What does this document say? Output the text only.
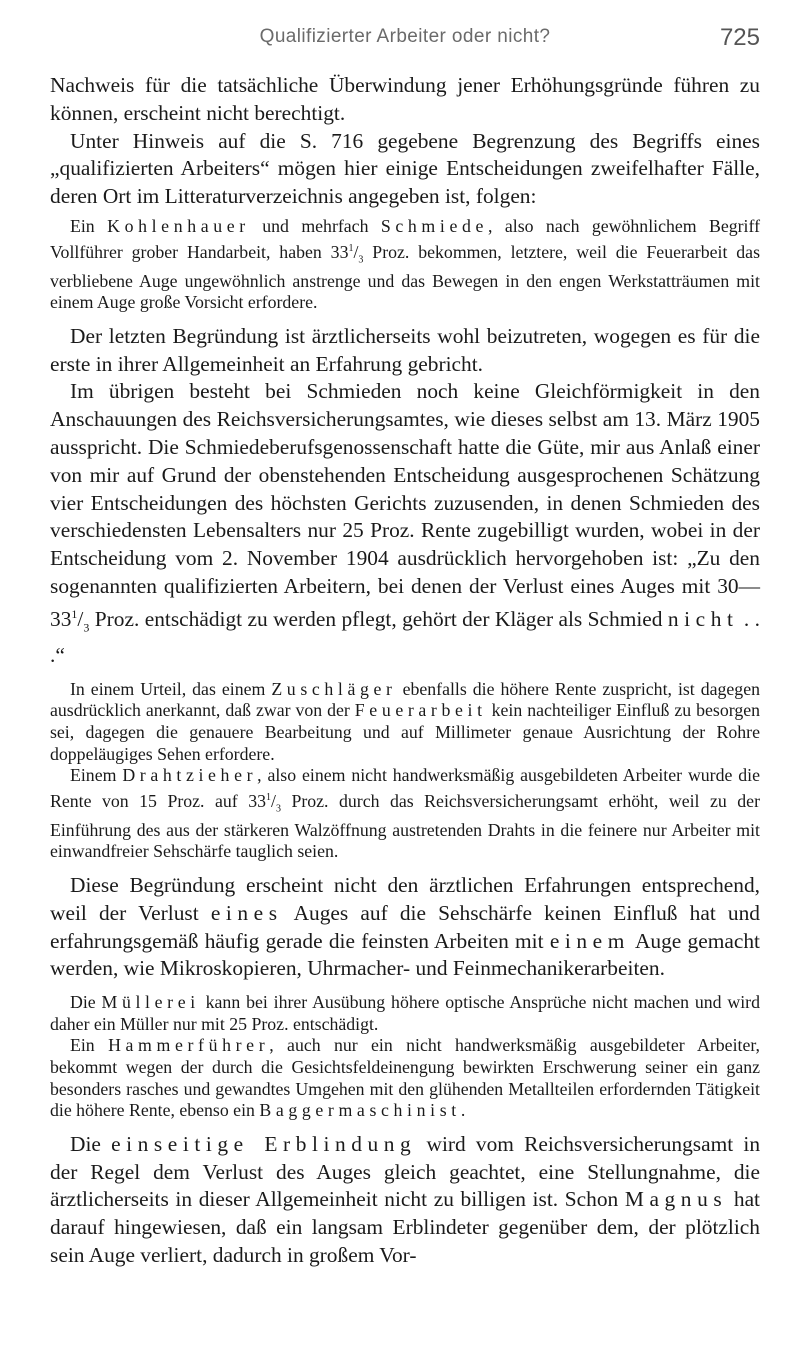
Qualifizierter Arbeiter oder nicht?	725

Nachweis für die tatsächliche Überwindung jener Erhöhungsgründe führen zu können, erscheint nicht berechtigt.

Unter Hinweis auf die S. 716 gegebene Begrenzung des Begriffs eines „qualifizierten Arbeiters“ mögen hier einige Entscheidungen zweifelhafter Fälle, deren Ort im Litteraturverzeichnis angegeben ist, folgen:

Ein Kohlenhauer und mehrfach Schmiede, also nach gewöhnlichem Begriff Vollführer grober Handarbeit, haben $33^1/_3$ Proz. bekommen, letztere, weil die Feuerarbeit das verbliebene Auge ungewöhnlich anstrenge und das Bewegen in den engen Werkstatträumen mit einem Auge große Vorsicht erfordere.

Der letzten Begründung ist ärztlicherseits wohl beizutreten, wogegen es für die erste in ihrer Allgemeinheit an Erfahrung gebricht.

Im übrigen besteht bei Schmieden noch keine Gleichförmigkeit in den Anschauungen des Reichsversicherungsamtes, wie dieses selbst am 13. März 1905 ausspricht. Die Schmiedeberufsgenossenschaft hatte die Güte, mir aus Anlaß einer von mir auf Grund der obenstehenden Entscheidung ausgesprochenen Schätzung vier Entscheidungen des höchsten Gerichts zuzusenden, in denen Schmieden des verschiedensten Lebensalters nur 25 Proz. Rente zugebilligt wurden, wobei in der Entscheidung vom 2. November 1904 ausdrücklich hervorgehoben ist: „Zu den sogenannten qualifizierten Arbeitern, bei denen der Verlust eines Auges mit $30—33^1/_3$ Proz. entschädigt zu werden pflegt, gehört der Kläger als Schmied nicht . . .“

In einem Urteil, das einem Zuschläger ebenfalls die höhere Rente zuspricht, ist dagegen ausdrücklich anerkannt, daß zwar von der Feuerarbeit kein nachteiliger Einfluß zu besorgen sei, dagegen die genauere Bearbeitung und auf Millimeter genaue Ausrichtung der Rohre doppeläugiges Sehen erfordere.

Einem Drahtzieher, also einem nicht handwerksmäßig ausgebildeten Arbeiter wurde die Rente von 15 Proz. auf $33^1/_3$ Proz. durch das Reichsversicherungsamt erhöht, weil zu der Einführung des aus der stärkeren Walzöffnung austretenden Drahts in die feinere nur Arbeiter mit einwandfreier Sehschärfe tauglich seien.

Diese Begründung erscheint nicht den ärztlichen Erfahrungen entsprechend, weil der Verlust eines Auges auf die Sehschärfe keinen Einfluß hat und erfahrungsgemäß häufig gerade die feinsten Arbeiten mit einem Auge gemacht werden, wie Mikroskopieren, Uhrmacher- und Feinmechanikerarbeiten.

Die Müllerei kann bei ihrer Ausübung höhere optische Ansprüche nicht machen und wird daher ein Müller nur mit 25 Proz. entschädigt.

Ein Hammerführer, auch nur ein nicht handwerksmäßig ausgebildeter Arbeiter, bekommt wegen der durch die Gesichtsfeldeinengung bewirkten Erschwerung seiner ein ganz besonders rasches und gewandtes Umgehen mit den glühenden Metallteilen erfordernden Tätigkeit die höhere Rente, ebenso ein Baggermaschinist.

Die einseitige Erblindung wird vom Reichsversicherungsamt in der Regel dem Verlust des Auges gleich geachtet, eine Stellungnahme, die ärztlicherseits in dieser Allgemeinheit nicht zu billigen ist. Schon Magnus hat darauf hingewiesen, daß ein langsam Erblindeter gegenüber dem, der plötzlich sein Auge verliert, dadurch in großem Vor-
